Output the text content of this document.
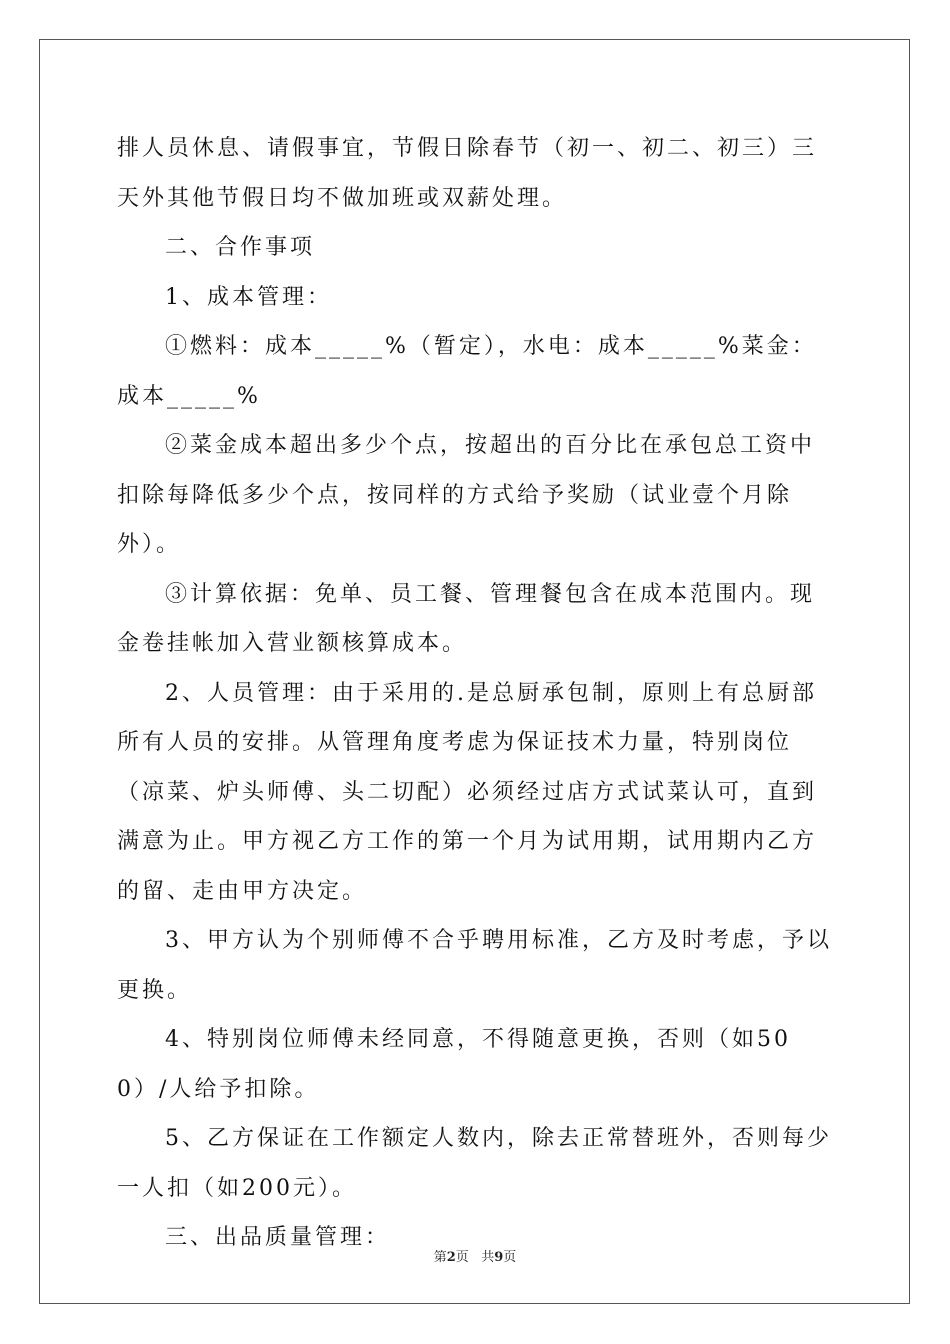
排人员休息、请假事宜，节假日除春节（初一、初二、初三）三天外其他节假日均不做加班或双薪处理。

二、合作事项

1、成本管理：

①燃料：成本_____%（暂定），水电：成本_____%菜金：成本_____%

②菜金成本超出多少个点，按超出的百分比在承包总工资中扣除每降低多少个点，按同样的方式给予奖励（试业壹个月除外）。

③计算依据：免单、员工餐、管理餐包含在成本范围内。现金卷挂帐加入营业额核算成本。

2、人员管理：由于采用的.是总厨承包制，原则上有总厨部所有人员的安排。从管理角度考虑为保证技术力量，特别岗位（凉菜、炉头师傅、头二切配）必须经过店方式试菜认可，直到满意为止。甲方视乙方工作的第一个月为试用期，试用期内乙方的留、走由甲方决定。

3、甲方认为个别师傅不合乎聘用标准，乙方及时考虑，予以更换。

4、特别岗位师傅未经同意，不得随意更换，否则（如500）/人给予扣除。

5、乙方保证在工作额定人数内，除去正常替班外，否则每少一人扣（如200元）。

三、出品质量管理：

第2页   共9页
